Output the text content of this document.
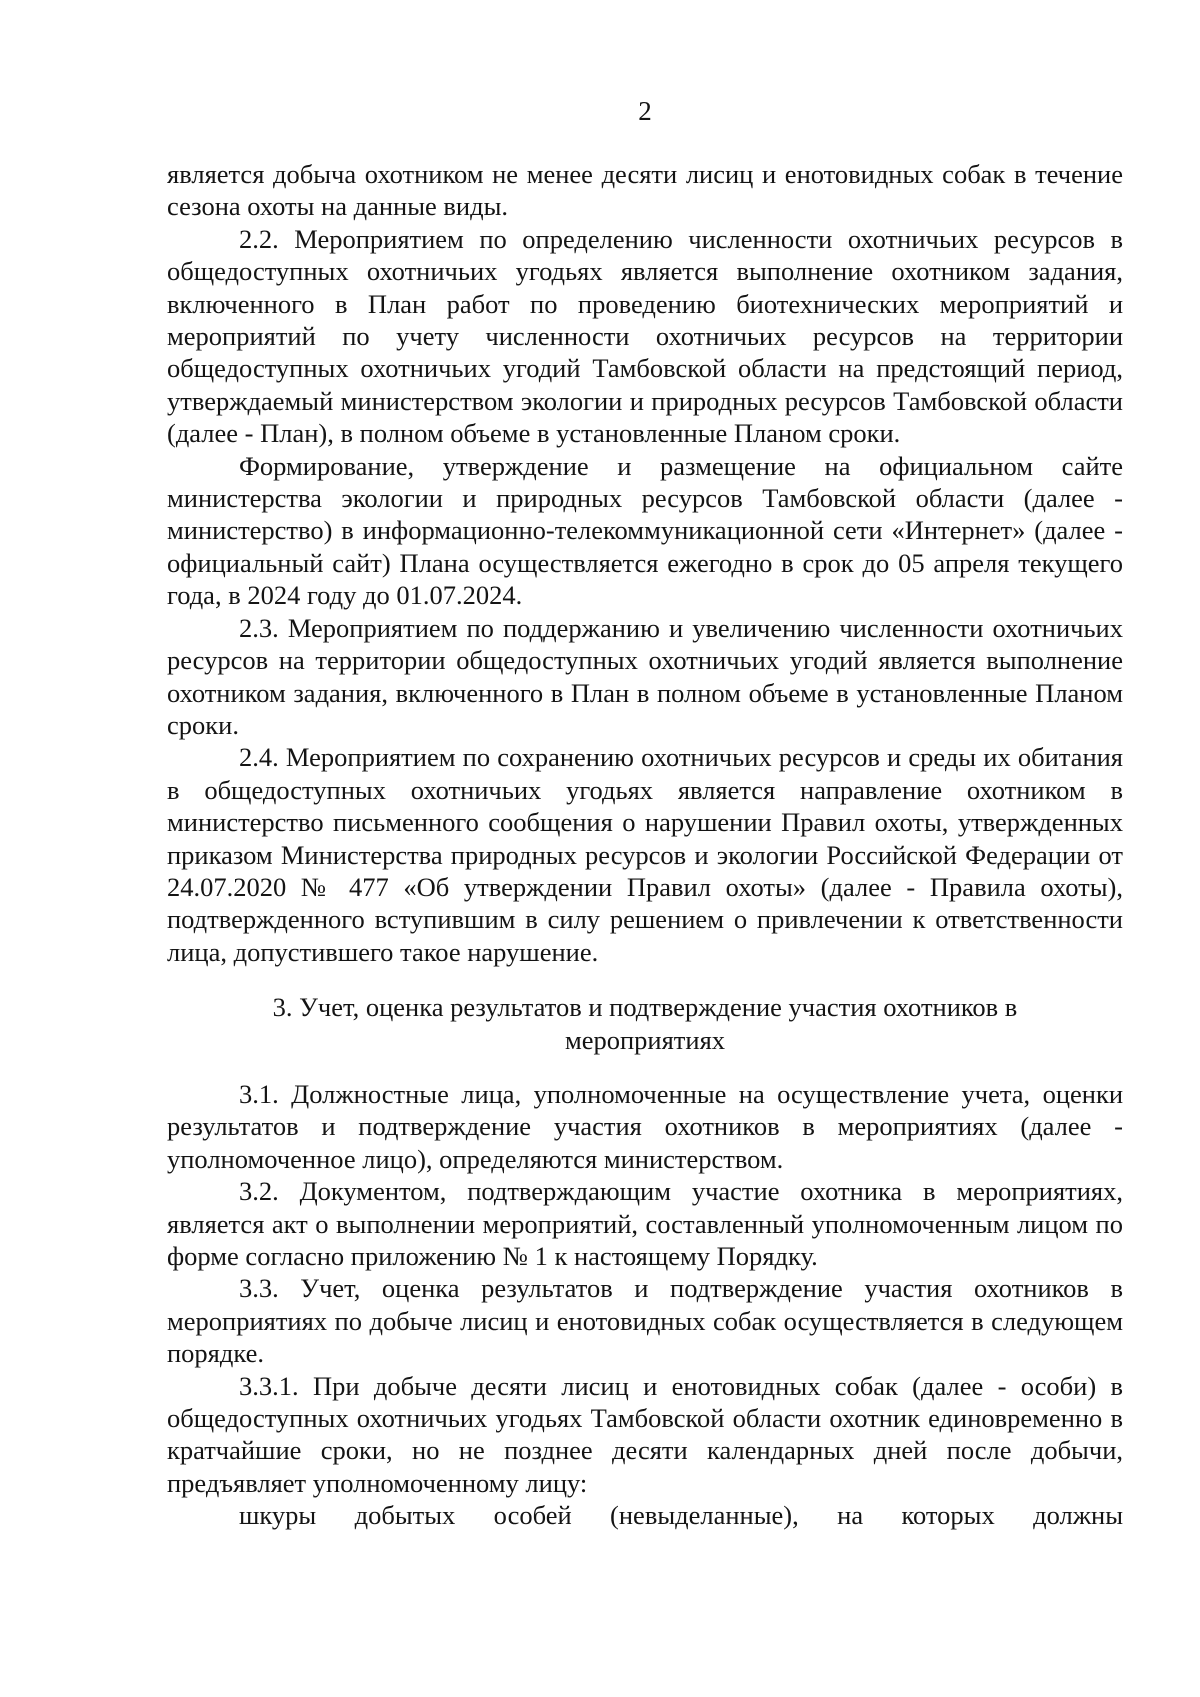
2

является добыча охотником не менее десяти лисиц и енотовидных собак в течение сезона охоты на данные виды.

2.2. Мероприятием по определению численности охотничьих ресурсов в общедоступных охотничьих угодьях является выполнение охотником задания, включенного в План работ по проведению биотехнических мероприятий и мероприятий по учету численности охотничьих ресурсов на территории общедоступных охотничьих угодий Тамбовской области на предстоящий период, утверждаемый министерством экологии и природных ресурсов Тамбовской области (далее - План), в полном объеме в установленные Планом сроки.

Формирование, утверждение и размещение на официальном сайте министерства экологии и природных ресурсов Тамбовской области (далее - министерство) в информационно-телекоммуникационной сети «Интернет» (далее - официальный сайт) Плана осуществляется ежегодно в срок до 05 апреля текущего года, в 2024 году до 01.07.2024.

2.3. Мероприятием по поддержанию и увеличению численности охотничьих ресурсов на территории общедоступных охотничьих угодий является выполнение охотником задания, включенного в План в полном объеме в установленные Планом сроки.

2.4. Мероприятием по сохранению охотничьих ресурсов и среды их обитания в общедоступных охотничьих угодьях является направление охотником в министерство письменного сообщения о нарушении Правил охоты, утвержденных приказом Министерства природных ресурсов и экологии Российской Федерации от 24.07.2020 № 477 «Об утверждении Правил охоты» (далее - Правила охоты), подтвержденного вступившим в силу решением о привлечении к ответственности лица, допустившего такое нарушение.

3. Учет, оценка результатов и подтверждение участия охотников в
мероприятиях

3.1. Должностные лица, уполномоченные на осуществление учета, оценки результатов и подтверждение участия охотников в мероприятиях (далее - уполномоченное лицо), определяются министерством.

3.2. Документом, подтверждающим участие охотника в мероприятиях, является акт о выполнении мероприятий, составленный уполномоченным лицом по форме согласно приложению № 1 к настоящему Порядку.

3.3. Учет, оценка результатов и подтверждение участия охотников в мероприятиях по добыче лисиц и енотовидных собак осуществляется в следующем порядке.

3.3.1. При добыче десяти лисиц и енотовидных собак (далее - особи) в общедоступных охотничьих угодьях Тамбовской области охотник единовременно в кратчайшие сроки, но не позднее десяти календарных дней после добычи, предъявляет уполномоченному лицу:

шкуры добытых особей (невыделанные), на которых должны
